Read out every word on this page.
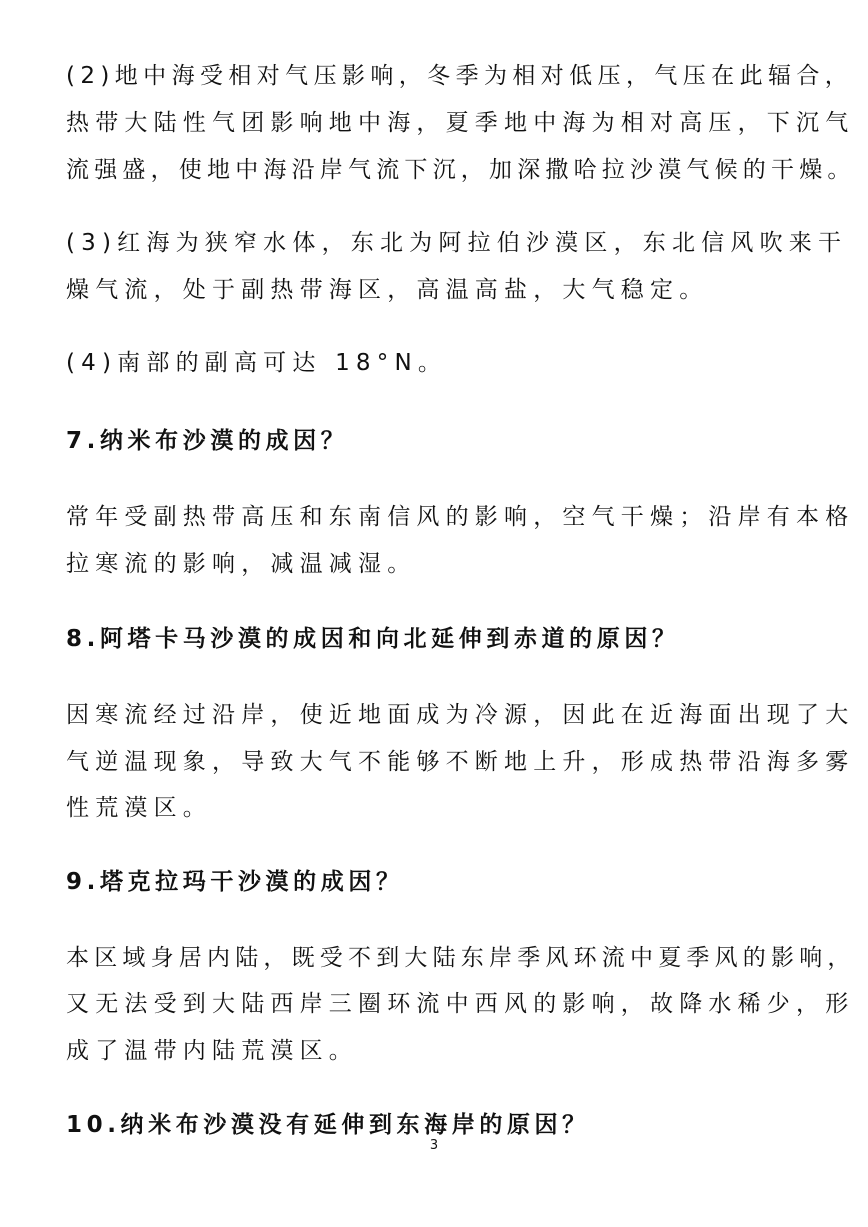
(2)地中海受相对气压影响，冬季为相对低压，气压在此辐合，
热带大陆性气团影响地中海，夏季地中海为相对高压，下沉气
流强盛，使地中海沿岸气流下沉，加深撒哈拉沙漠气候的干燥。
(3)红海为狭窄水体，东北为阿拉伯沙漠区，东北信风吹来干
燥气流，处于副热带海区，高温高盐，大气稳定。
(4)南部的副高可达 18°N。
7.纳米布沙漠的成因？
常年受副热带高压和东南信风的影响，空气干燥；沿岸有本格
拉寒流的影响，减温减湿。
8.阿塔卡马沙漠的成因和向北延伸到赤道的原因？
因寒流经过沿岸，使近地面成为冷源，因此在近海面出现了大
气逆温现象，导致大气不能够不断地上升，形成热带沿海多雾
性荒漠区。
9.塔克拉玛干沙漠的成因？
本区域身居内陆，既受不到大陆东岸季风环流中夏季风的影响，
又无法受到大陆西岸三圈环流中西风的影响，故降水稀少，形
成了温带内陆荒漠区。
10.纳米布沙漠没有延伸到东海岸的原因？
3
